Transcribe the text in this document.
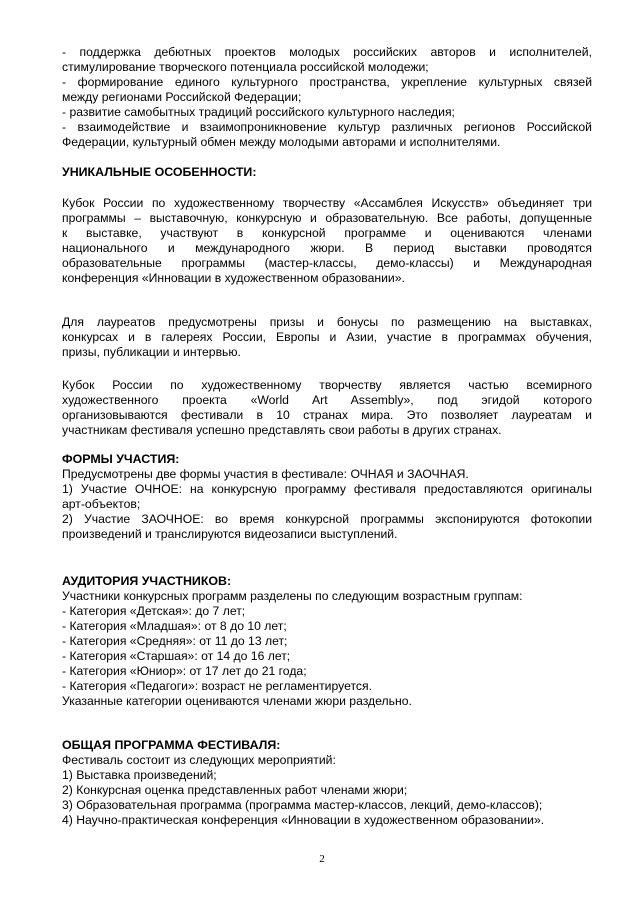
- поддержка дебютных проектов молодых российских авторов и исполнителей,
стимулирование творческого потенциала российской молодежи;
- формирование единого культурного пространства, укрепление культурных связей
между регионами Российской Федерации;
- развитие самобытных традиций российского культурного наследия;
- взаимодействие и взаимопроникновение культур различных регионов Российской
Федерации, культурный обмен между молодыми авторами и исполнителями.
УНИКАЛЬНЫЕ ОСОБЕННОСТИ:
Кубок России по художественному творчеству «Ассамблея Искусств» объединяет три
программы – выставочную, конкурсную и образовательную. Все работы, допущенные
к выставке, участвуют в конкурсной программе и оцениваются членами
национального и международного жюри. В период выставки проводятся
образовательные программы (мастер-классы, демо-классы) и Международная
конференция «Инновации в художественном образовании».
Для лауреатов предусмотрены призы и бонусы по размещению на выставках,
конкурсах и в галереях России, Европы и Азии, участие в программах обучения,
призы, публикации и интервью.
Кубок России по художественному творчеству является частью всемирного
художественного проекта «World Art Assembly», под эгидой которого
организовываются фестивали в 10 странах мира. Это позволяет лауреатам и
участникам фестиваля успешно представлять свои работы в других странах.
ФОРМЫ УЧАСТИЯ:
Предусмотрены две формы участия в фестивале: ОЧНАЯ и ЗАОЧНАЯ.
1) Участие ОЧНОЕ: на конкурсную программу фестиваля предоставляются оригиналы
арт-объектов;
2) Участие ЗАОЧНОЕ: во время конкурсной программы экспонируются фотокопии
произведений и транслируются видеозаписи выступлений.
АУДИТОРИЯ УЧАСТНИКОВ:
Участники конкурсных программ разделены по следующим возрастным группам:
- Категория «Детская»: до 7 лет;
- Категория «Младшая»: от 8 до 10 лет;
- Категория «Средняя»: от 11 до 13 лет;
- Категория «Старшая»: от 14 до 16 лет;
- Категория «Юниор»: от 17 лет до 21 года;
- Категория «Педагоги»: возраст не регламентируется.
Указанные категории оцениваются членами жюри раздельно.
ОБЩАЯ ПРОГРАММА ФЕСТИВАЛЯ:
Фестиваль состоит из следующих мероприятий:
1) Выставка произведений;
2) Конкурсная оценка представленных работ членами жюри;
3) Образовательная программа (программа мастер-классов, лекций, демо-классов);
4) Научно-практическая конференция «Инновации в художественном образовании».
2
